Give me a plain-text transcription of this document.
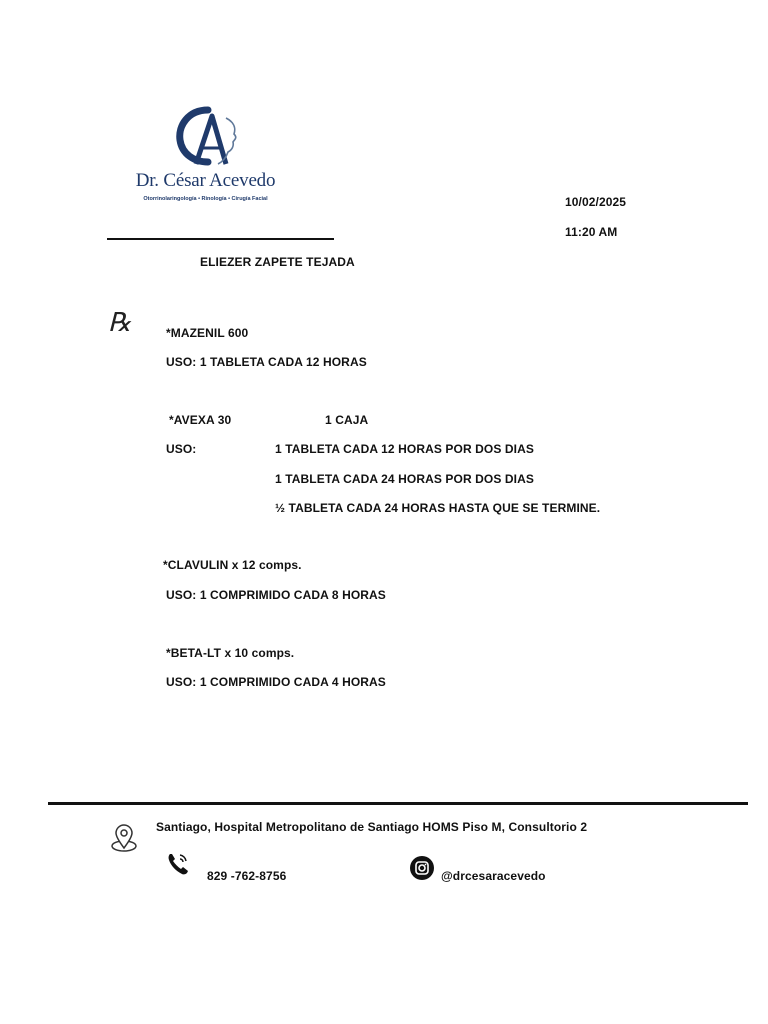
Dr. César Acevedo
Otorrinolaringología • Rinología • Cirugía Facial	10/02/2025
11:20 AM
ELIEZER ZAPETE TEJADA
℞	*MAZENIL 600
USO: 1 TABLETA CADA 12 HORAS
*AVEXA 30	1 CAJA
USO:	1 TABLETA CADA 12 HORAS POR DOS DIAS
1 TABLETA CADA 24 HORAS POR DOS DIAS
½ TABLETA CADA 24 HORAS HASTA QUE SE TERMINE.
*CLAVULIN x 12 comps.
USO: 1 COMPRIMIDO CADA 8 HORAS
*BETA-LT x 10 comps.
USO: 1 COMPRIMIDO CADA 4 HORAS
Santiago, Hospital Metropolitano de Santiago HOMS Piso M, Consultorio 2
829 -762-8756	@drcesaracevedo
